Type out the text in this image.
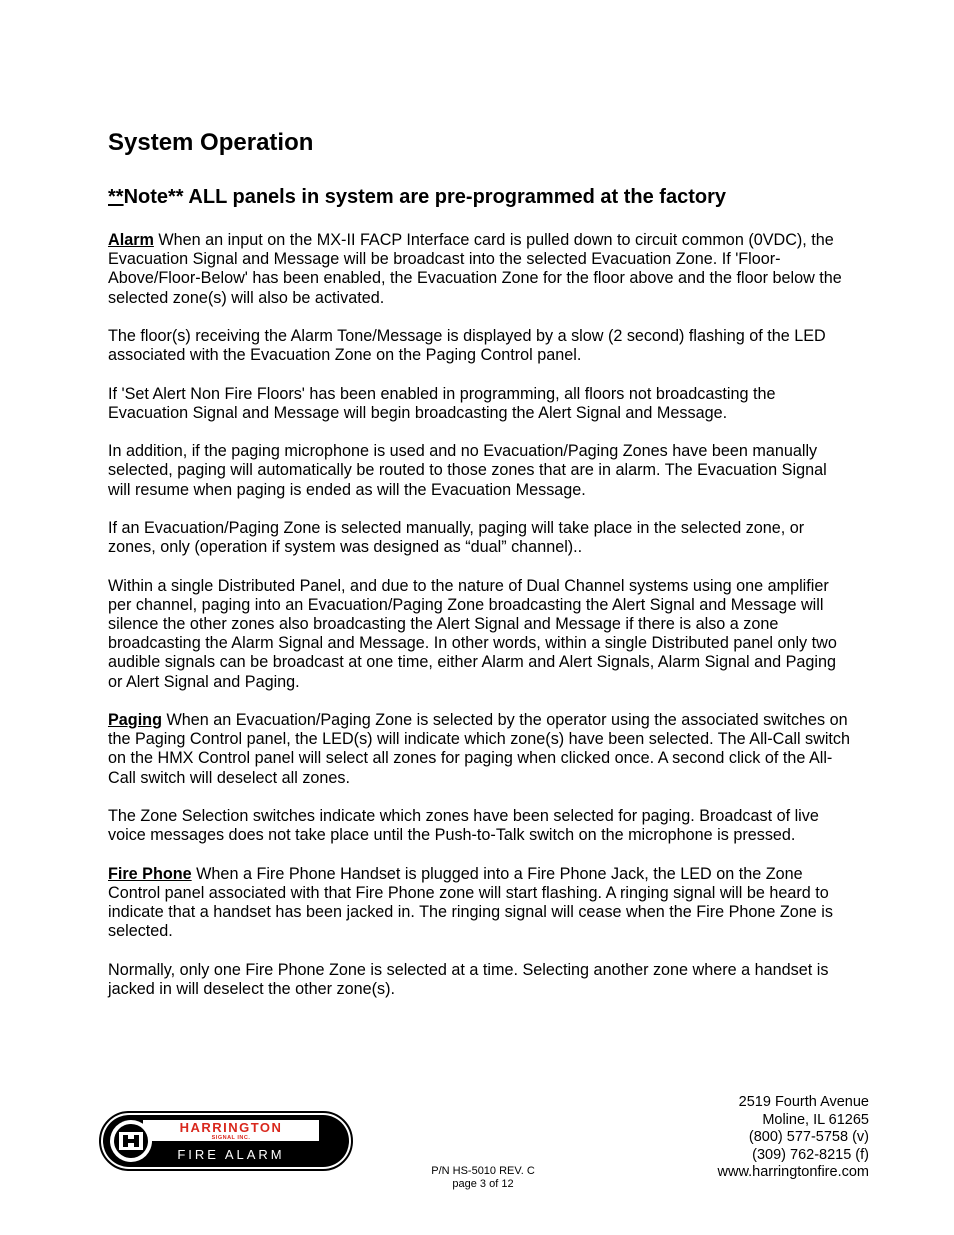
System Operation
**Note** ALL panels in system are pre-programmed at the factory

Alarm When an input on the MX-II FACP Interface card is pulled down to circuit common (0VDC), the Evacuation Signal and Message will be broadcast into the selected Evacuation Zone. If 'Floor-Above/Floor-Below' has been enabled, the Evacuation Zone for the floor above and the floor below the selected zone(s) will also be activated.

The floor(s) receiving the Alarm Tone/Message is displayed by a slow (2 second) flashing of the LED associated with the Evacuation Zone on the Paging Control panel.

If 'Set Alert Non Fire Floors' has been enabled in programming, all floors not broadcasting the Evacuation Signal and Message will begin broadcasting the Alert Signal and Message.

In addition, if the paging microphone is used and no Evacuation/Paging Zones have been manually selected, paging will automatically be routed to those zones that are in alarm. The Evacuation Signal will resume when paging is ended as will the Evacuation Message.

If an Evacuation/Paging Zone is selected manually, paging will take place in the selected zone, or zones, only (operation if system was designed as “dual” channel)..

Within a single Distributed Panel, and due to the nature of Dual Channel systems using one amplifier per channel, paging into an Evacuation/Paging Zone broadcasting the Alert Signal and Message will silence the other zones also broadcasting the Alert Signal and Message if there is also a zone broadcasting the Alarm Signal and Message. In other words, within a single Distributed panel only two audible signals can be broadcast at one time, either Alarm and Alert Signals, Alarm Signal and Paging or Alert Signal and Paging.

Paging When an Evacuation/Paging Zone is selected by the operator using the associated switches on the Paging Control panel, the LED(s) will indicate which zone(s) have been selected. The All-Call switch on the HMX Control panel will select all zones for paging when clicked once. A second click of the All-Call switch will deselect all zones.

The Zone Selection switches indicate which zones have been selected for paging. Broadcast of live voice messages does not take place until the Push-to-Talk switch on the microphone is pressed.

Fire Phone When a Fire Phone Handset is plugged into a Fire Phone Jack, the LED on the Zone Control panel associated with that Fire Phone zone will start flashing. A ringing signal will be heard to indicate that a handset has been jacked in. The ringing signal will cease when the Fire Phone Zone is selected.

Normally, only one Fire Phone Zone is selected at a time. Selecting another zone where a handset is jacked in will deselect the other zone(s).

HARRINGTON
SIGNAL INC.
FIRE ALARM
P/N HS-5010 REV. C
page 3 of 12
2519 Fourth Avenue
Moline, IL 61265
(800) 577-5758 (v)
(309) 762-8215 (f)
www.harringtonfire.com
